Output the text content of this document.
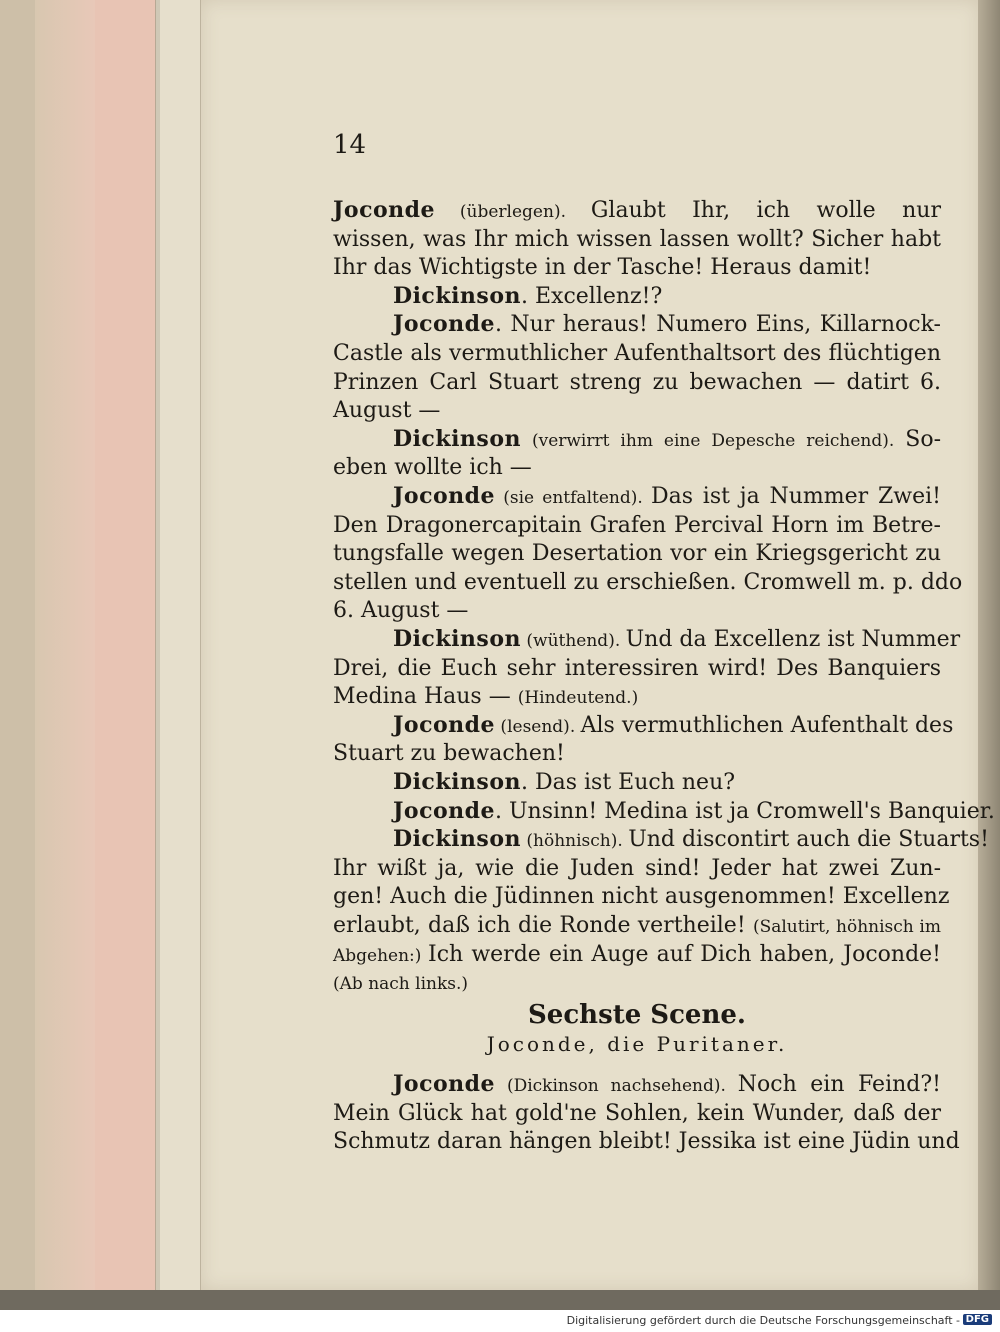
14
Joconde (überlegen). Glaubt Ihr, ich wolle nur
wissen, was Ihr mich wissen lassen wollt? Sicher habt
Ihr das Wichtigste in der Tasche! Heraus damit!
Dickinson. Excellenz!?
Joconde. Nur heraus! Numero Eins, Killarnock-
Castle als vermuthlicher Aufenthaltsort des flüchtigen
Prinzen Carl Stuart streng zu bewachen — datirt 6.
August —
Dickinson (verwirrt ihm eine Depesche reichend). So-
eben wollte ich —
Joconde (sie entfaltend). Das ist ja Nummer Zwei!
Den Dragonercapitain Grafen Percival Horn im Betre-
tungsfalle wegen Desertation vor ein Kriegsgericht zu
stellen und eventuell zu erschießen. Cromwell m. p. ddo
6. August —
Dickinson (wüthend). Und da Excellenz ist Nummer
Drei, die Euch sehr interessiren wird! Des Banquiers
Medina Haus — (Hindeutend.)
Joconde (lesend). Als vermuthlichen Aufenthalt des
Stuart zu bewachen!
Dickinson. Das ist Euch neu?
Joconde. Unsinn! Medina ist ja Cromwell's Banquier.
Dickinson (höhnisch). Und discontirt auch die Stuarts!
Ihr wißt ja, wie die Juden sind! Jeder hat zwei Zun-
gen! Auch die Jüdinnen nicht ausgenommen! Excellenz
erlaubt, daß ich die Ronde vertheile! (Salutirt, höhnisch im
Abgehen:) Ich werde ein Auge auf Dich haben, Joconde!
(Ab nach links.)
Sechste Scene.
Joconde, die Puritaner.
Joconde (Dickinson nachsehend). Noch ein Feind?!
Mein Glück hat gold'ne Sohlen, kein Wunder, daß der
Schmutz daran hängen bleibt! Jessika ist eine Jüdin und
Digitalisierung gefördert durch die Deutsche Forschungsgemeinschaft - DFG
